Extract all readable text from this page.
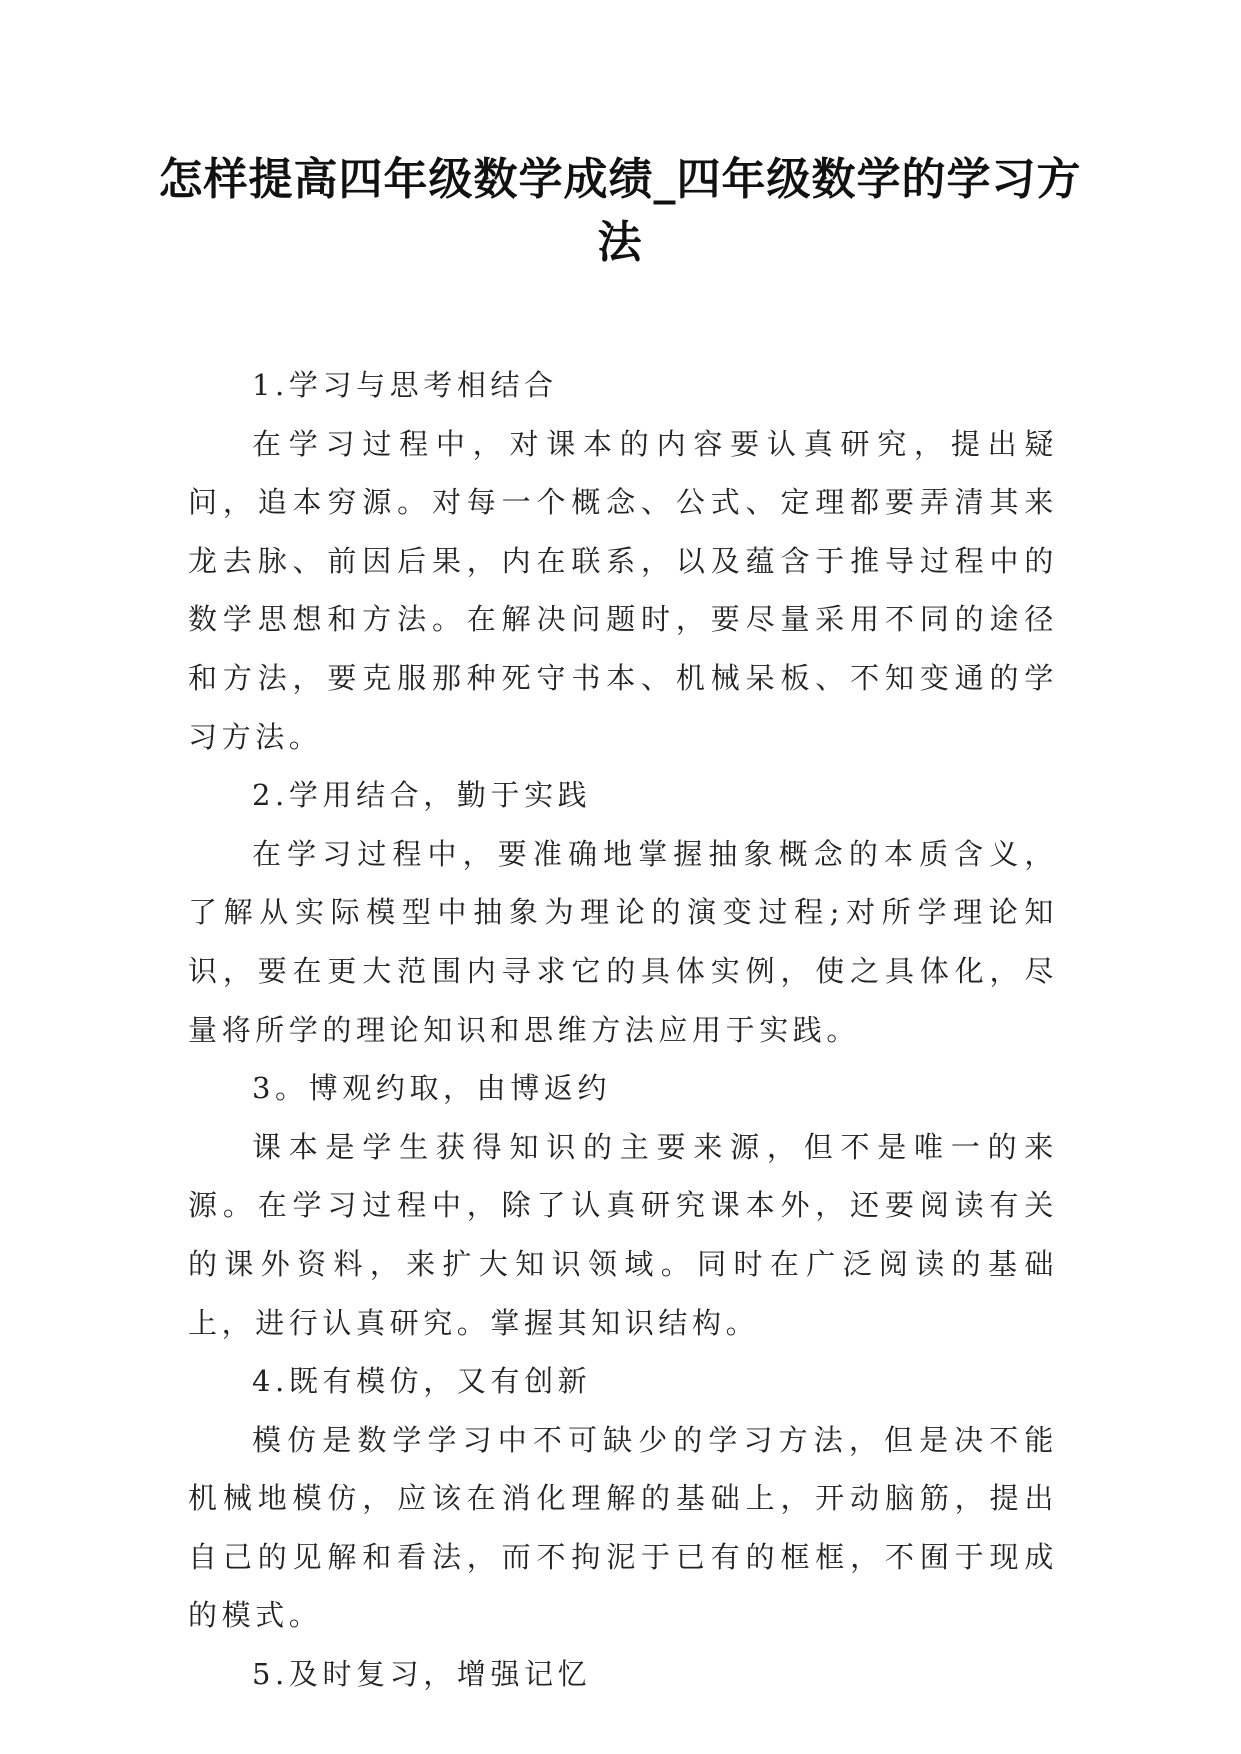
怎样提高四年级数学成绩_四年级数学的学习方法

1.学习与思考相结合

在学习过程中，对课本的内容要认真研究，提出疑问，追本穷源。对每一个概念、公式、定理都要弄清其来龙去脉、前因后果，内在联系，以及蕴含于推导过程中的数学思想和方法。在解决问题时，要尽量采用不同的途径和方法，要克服那种死守书本、机械呆板、不知变通的学习方法。

2.学用结合，勤于实践

在学习过程中，要准确地掌握抽象概念的本质含义，了解从实际模型中抽象为理论的演变过程;对所学理论知识，要在更大范围内寻求它的具体实例，使之具体化，尽量将所学的理论知识和思维方法应用于实践。

3。博观约取，由博返约

课本是学生获得知识的主要来源，但不是唯一的来源。在学习过程中，除了认真研究课本外，还要阅读有关的课外资料，来扩大知识领域。同时在广泛阅读的基础上，进行认真研究。掌握其知识结构。

4.既有模仿，又有创新

模仿是数学学习中不可缺少的学习方法，但是决不能机械地模仿，应该在消化理解的基础上，开动脑筋，提出自己的见解和看法，而不拘泥于已有的框框，不囿于现成的模式。

5.及时复习，增强记忆
